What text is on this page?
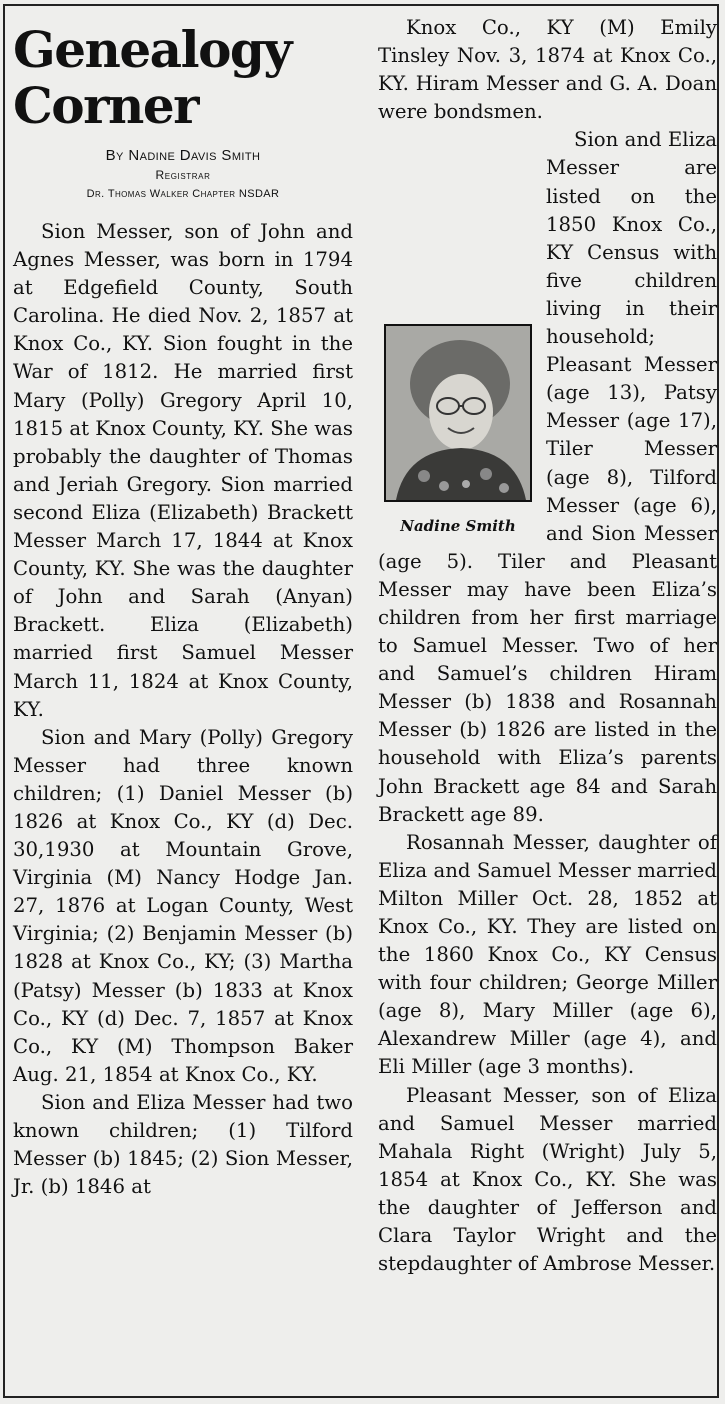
Genealogy
Corner
By Nadine Davis Smith
Registrar
Dr. Thomas Walker Chapter NSDAR

Sion Messer, son of John and Agnes Messer, was born in 1794 at Edgefield County, South Carolina. He died Nov. 2, 1857 at Knox Co., KY. Sion fought in the War of 1812. He married first Mary (Polly) Gregory April 10, 1815 at Knox County, KY. She was probably the daughter of Thomas and Jeriah Gregory. Sion married second Eliza (Elizabeth) Brackett Messer March 17, 1844 at Knox County, KY. She was the daughter of John and Sarah (Anyan) Brackett. Eliza (Elizabeth) married first Samuel Messer March 11, 1824 at Knox County, KY.

Sion and Mary (Polly) Gregory Messer had three known children; (1) Daniel Messer (b) 1826 at Knox Co., KY (d) Dec. 30,1930 at Mountain Grove, Virginia (M) Nancy Hodge Jan. 27, 1876 at Logan County, West Virginia; (2) Benjamin Messer (b) 1828 at Knox Co., KY; (3) Martha (Patsy) Messer (b) 1833 at Knox Co., KY (d) Dec. 7, 1857 at Knox Co., KY (M) Thompson Baker Aug. 21, 1854 at Knox Co., KY.

Sion and Eliza Messer had two known children; (1) Tilford Messer (b) 1845; (2) Sion Messer, Jr. (b) 1846 at

Knox Co., KY (M) Emily Tinsley Nov. 3, 1874 at Knox Co., KY. Hiram Messer and G. A. Doan were bondsmen.

Nadine Smith
Sion and Eliza Messer are listed on the 1850 Knox Co., KY Census with five children living in their household; Pleasant Messer (age 13), Patsy Messer (age 17), Tiler Messer (age 8), Tilford Messer (age 6), and Sion Messer (age 5). Tiler and Pleasant Messer may have been Eliza’s children from her first marriage to Samuel Messer. Two of her and Samuel’s children Hiram Messer (b) 1838 and Rosannah Messer (b) 1826 are listed in the household with Eliza’s parents John Brackett age 84 and Sarah Brackett age 89.

Rosannah Messer, daughter of Eliza and Samuel Messer married Milton Miller Oct. 28, 1852 at Knox Co., KY. They are listed on the 1860 Knox Co., KY Census with four children; George Miller (age 8), Mary Miller (age 6), Alexandrew Miller (age 4), and Eli Miller (age 3 months).

Pleasant Messer, son of Eliza and Samuel Messer married Mahala Right (Wright) July 5, 1854 at Knox Co., KY. She was the daughter of Jefferson and Clara Taylor Wright and the stepdaughter of Ambrose Messer.
